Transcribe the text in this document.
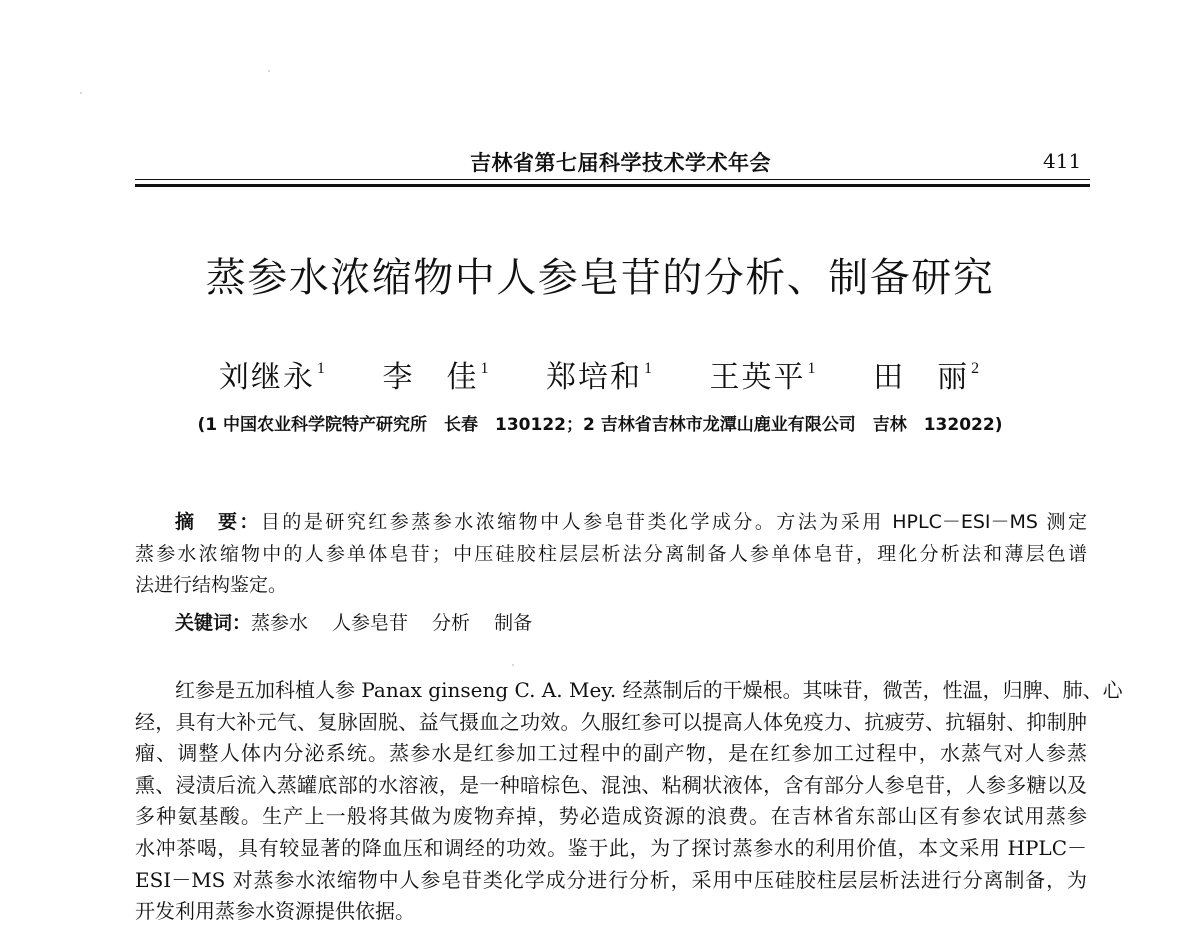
吉林省第七届科学技术学术年会	411
蒸参水浓缩物中人参皂苷的分析、制备研究
刘继永 $^1$ 李　佳 $^1$ 郑培和 $^1$ 王英平 $^1$ 田　丽 $^2$
(1 中国农业科学院特产研究所　长春　130122；2 吉林省吉林市龙潭山鹿业有限公司　吉林　132022)
摘　要：目的是研究红参蒸参水浓缩物中人参皂苷类化学成分。方法为采用 HPLC－ESI－MS 测定
蒸参水浓缩物中的人参单体皂苷；中压硅胶柱层层析法分离制备人参单体皂苷，理化分析法和薄层色谱
法进行结构鉴定。
关键词：蒸参水 人参皂苷 分析 制备
红参是五加科植人参 Panax ginseng C. A. Mey. 经蒸制后的干燥根。其味苷，微苦，性温，归脾、肺、心
经，具有大补元气、复脉固脱、益气摄血之功效。久服红参可以提高人体免疫力、抗疲劳、抗辐射、抑制肿
瘤、调整人体内分泌系统。蒸参水是红参加工过程中的副产物，是在红参加工过程中，水蒸气对人参蒸
熏、浸渍后流入蒸罐底部的水溶液，是一种暗棕色、混浊、粘稠状液体，含有部分人参皂苷，人参多糖以及
多种氨基酸。生产上一般将其做为废物弃掉，势必造成资源的浪费。在吉林省东部山区有参农试用蒸参
水冲茶喝，具有较显著的降血压和调经的功效。鉴于此，为了探讨蒸参水的利用价值，本文采用 HPLC－
ESI－MS 对蒸参水浓缩物中人参皂苷类化学成分进行分析，采用中压硅胶柱层层析法进行分离制备，为
开发利用蒸参水资源提供依据。
